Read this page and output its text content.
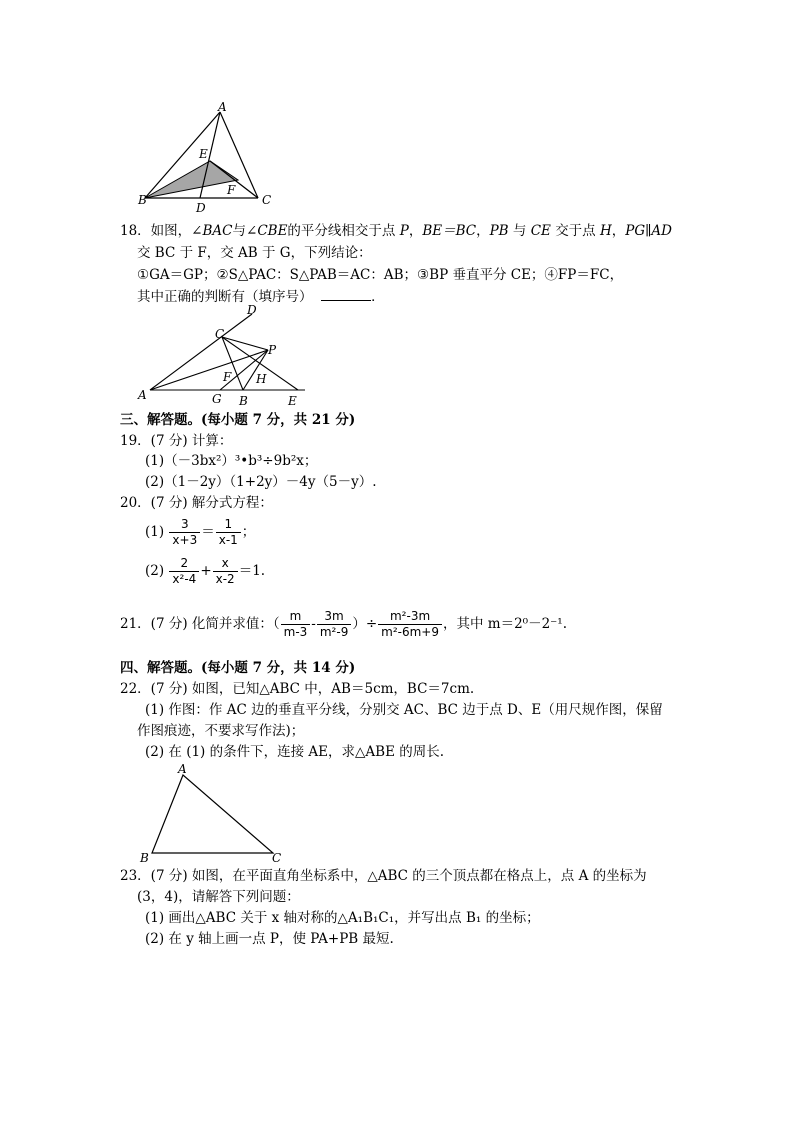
A
B	C
D
E
F
18．如图，∠BAC与∠CBE的平分线相交于点 P，BE＝BC，PB 与 CE 交于点 H，PG∥AD
交 BC 于 F，交 AB 于 G，下列结论：
①GA＝GP；②S△PAC：S△PAB＝AC：AB；③BP 垂直平分 CE；④FP＝FC，
其中正确的判断有（填序号）	．
A	B
C
D
E
F
G
H
P
三、解答题。(每小题 7 分，共 21 分)
19．(7 分) 计算：
(1)（－3bx²）³•b³÷9b²x；
(2)（1－2y）（1+2y）－4y（5－y）.
20．(7 分) 解分式方程：
$(1) \frac{3}{x+3} = \frac{1}{x-1}$ ；
$(2) \frac{2}{\text{x²-4}} + \frac{x}{x-2} =1$.
21．(7 分) 化简并求值：（ $\frac{m}{m-3} - \frac{3m}{\text{m²-9}}$ ）÷ $\frac{\text{m²-3m}}{\text{m²-6m+9}}$ ，其中 m＝2⁰－2⁻¹.
四、解答题。(每小题 7 分，共 14 分)
22．(7 分) 如图，已知△ABC 中，AB＝5cm，BC＝7cm.
(1) 作图：作 AC 边的垂直平分线，分别交 AC、BC 边于点 D、E（用尺规作图，保留
作图痕迹，不要求写作法)；
(2) 在 (1) 的条件下，连接 AE，求△ABE 的周长.
A
B	C
23．(7 分) 如图，在平面直角坐标系中，△ABC 的三个顶点都在格点上，点 A 的坐标为
(3，4)，请解答下列问题：
(1) 画出△ABC 关于 x 轴对称的△A₁B₁C₁，并写出点 B₁ 的坐标；
(2) 在 y 轴上画一点 P，使 PA+PB 最短.
